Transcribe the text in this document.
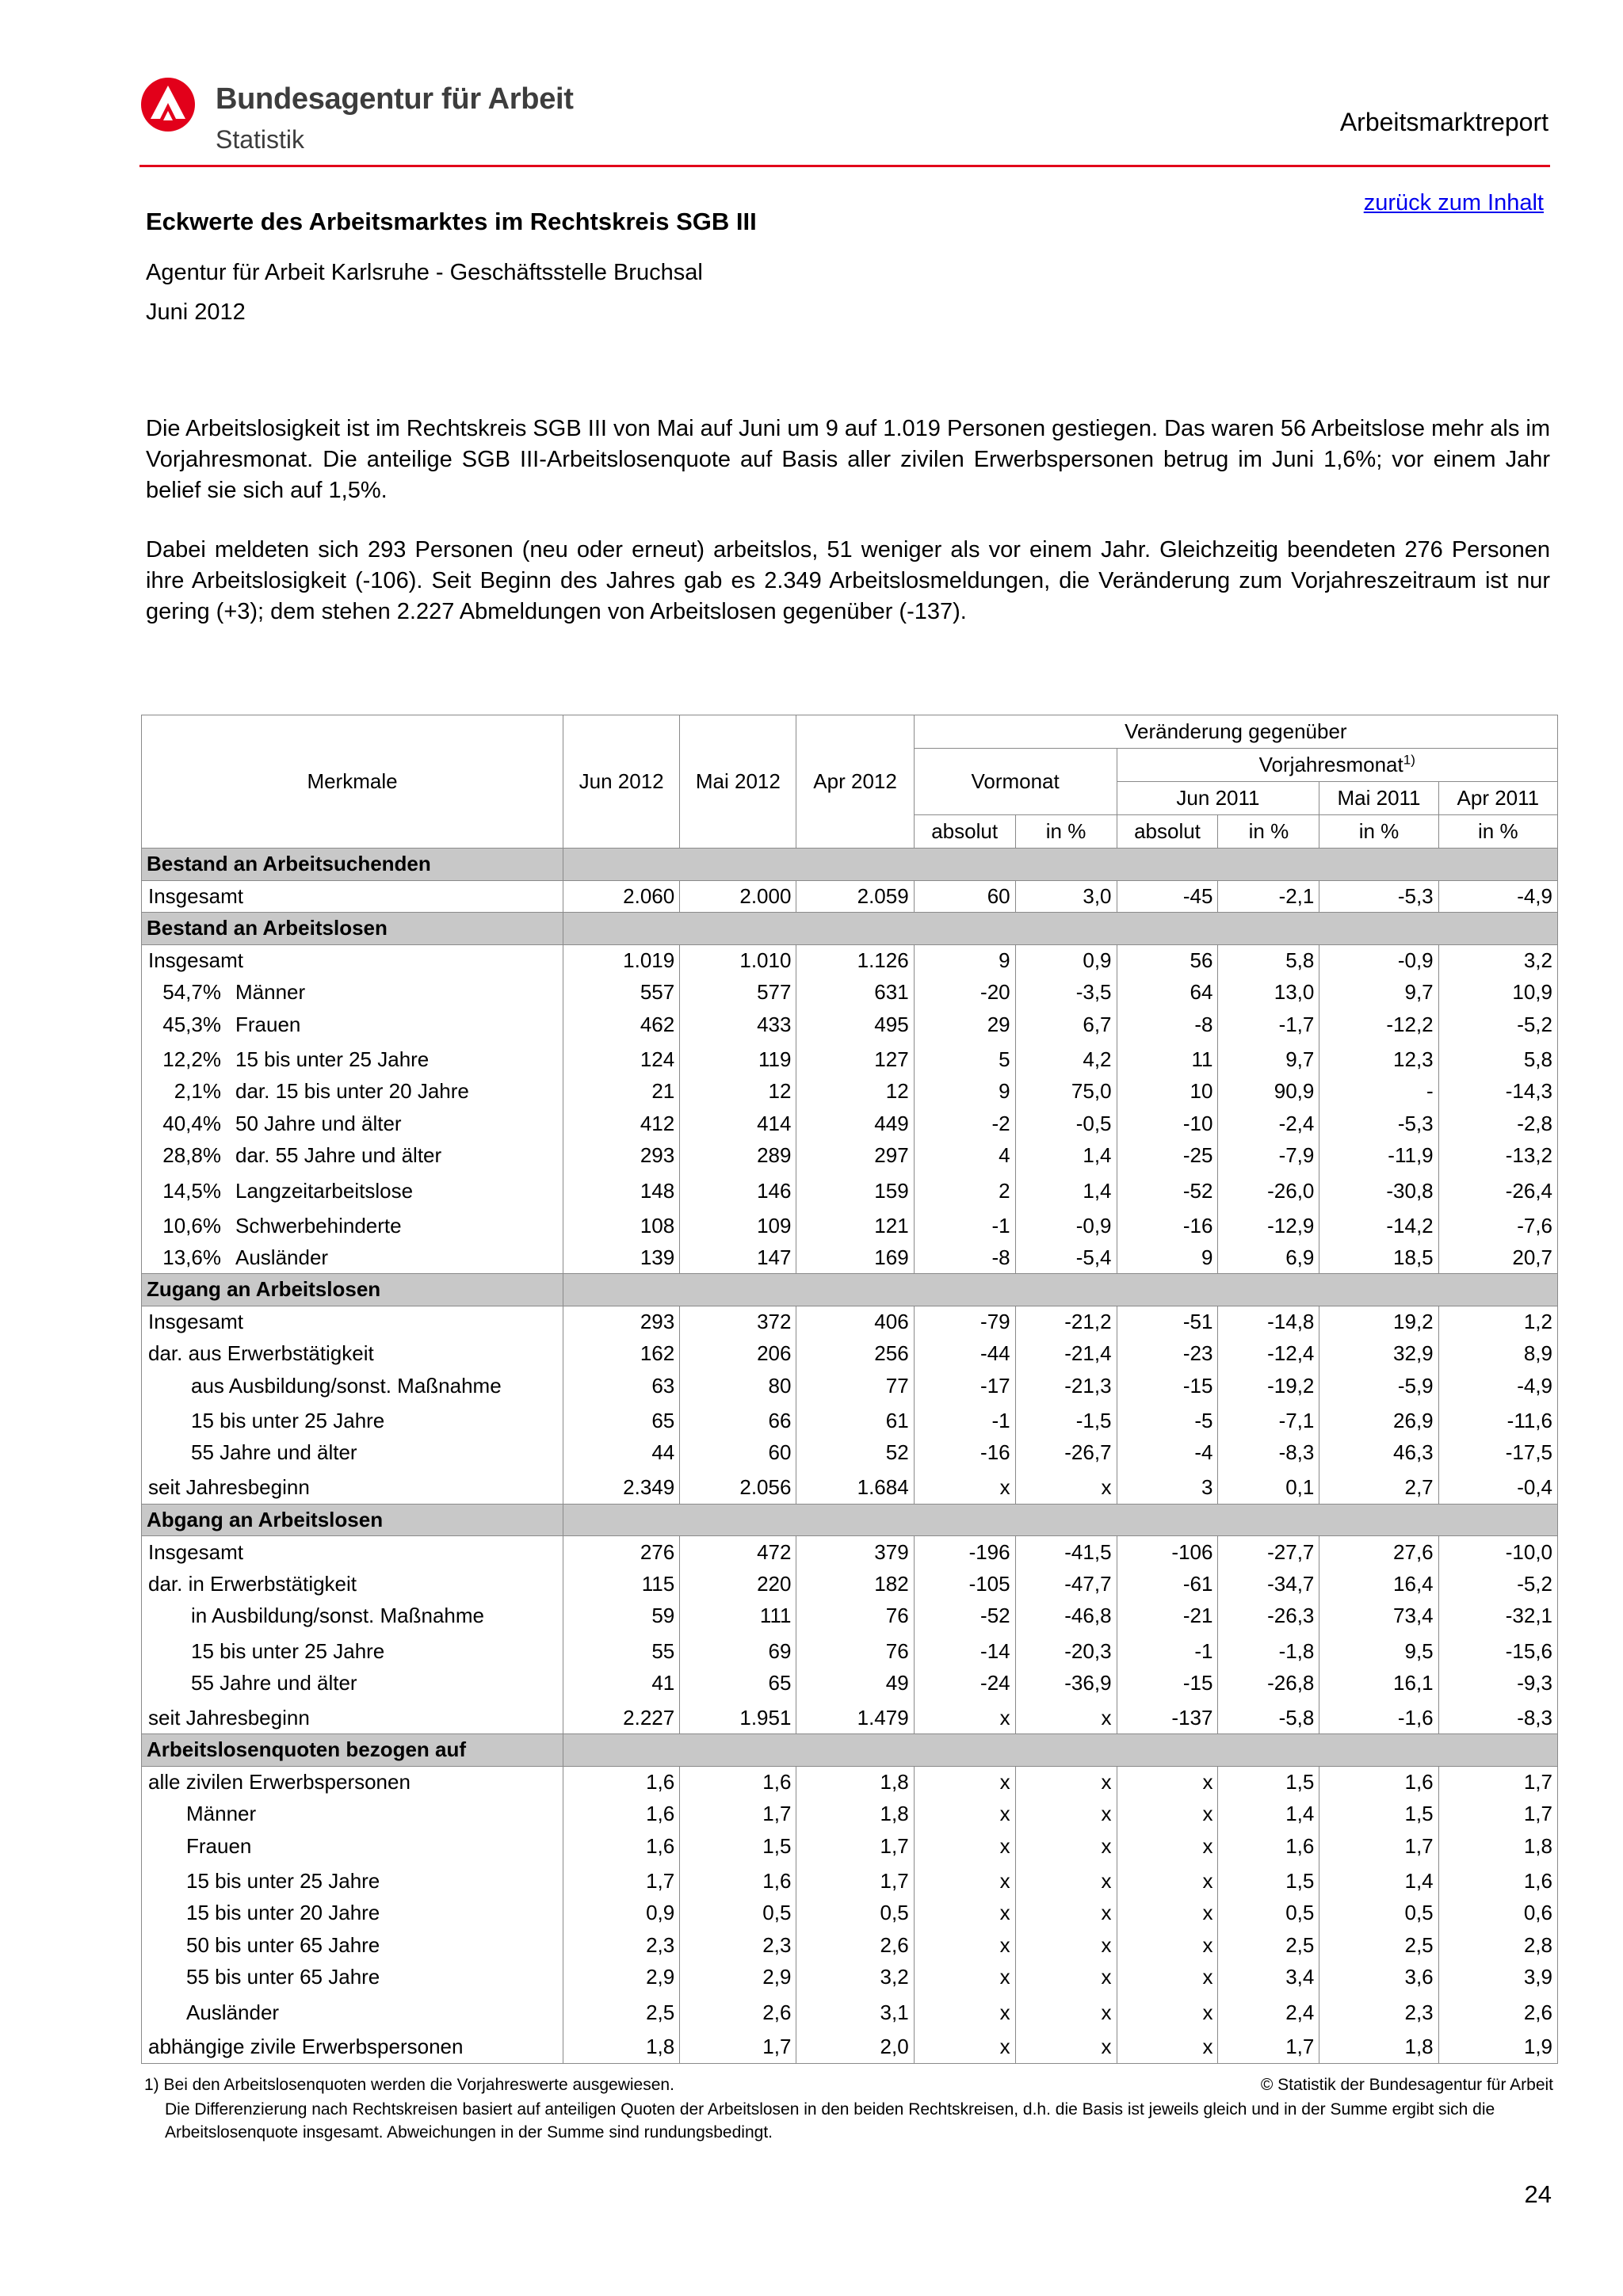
Bundesagentur für Arbeit
Statistik
Arbeitsmarktreport
zurück zum Inhalt
Eckwerte des Arbeitsmarktes im Rechtskreis SGB III
Agentur für Arbeit Karlsruhe - Geschäftsstelle Bruchsal
Juni 2012

Die Arbeitslosigkeit ist im Rechtskreis SGB III von Mai auf Juni um 9 auf 1.019 Personen gestiegen. Das waren 56 Arbeitslose mehr als im Vorjahresmonat. Die anteilige SGB III-Arbeitslosenquote auf Basis aller zivilen Erwerbspersonen betrug im Juni 1,6%; vor einem Jahr belief sie sich auf 1,5%.

Dabei meldeten sich 293 Personen (neu oder erneut) arbeitslos, 51 weniger als vor einem Jahr. Gleichzeitig beendeten 276 Personen ihre Arbeitslosigkeit (-106). Seit Beginn des Jahres gab es 2.349 Arbeitslosmeldungen, die Veränderung zum Vorjahreszeitraum ist nur gering (+3); dem stehen 2.227 Abmeldungen von Arbeitslosen gegenüber (-137).

Merkmale	Jun 2012	Mai 2012	Apr 2012	Veränderung gegenüber					
				Vormonat		Vorjahresmonat$^{1)}$
						Jun 2011		Mai 2011	Apr 2011
				absolut	in %	absolut	in %	in %	in %
Bestand an Arbeitsuchenden									
Insgesamt	2.060	2.000	2.059	60	3,0	-45	-2,1	-5,3	-4,9
Bestand an Arbeitslosen									
Insgesamt	1.019	1.010	1.126	9	0,9	56	5,8	-0,9	3,2
54,7% Männer	557	577	631	-20	-3,5	64	13,0	9,7	10,9
45,3% Frauen	462	433	495	29	6,7	-8	-1,7	-12,2	-5,2
12,2% 15 bis unter 25 Jahre	124	119	127	5	4,2	11	9,7	12,3	5,8
2,1% dar. 15 bis unter 20 Jahre	21	12	12	9	75,0	10	90,9	-	-14,3
40,4% 50 Jahre und älter	412	414	449	-2	-0,5	-10	-2,4	-5,3	-2,8
28,8% dar. 55 Jahre und älter	293	289	297	4	1,4	-25	-7,9	-11,9	-13,2
14,5% Langzeitarbeitslose	148	146	159	2	1,4	-52	-26,0	-30,8	-26,4
10,6% Schwerbehinderte	108	109	121	-1	-0,9	-16	-12,9	-14,2	-7,6
13,6% Ausländer	139	147	169	-8	-5,4	9	6,9	18,5	20,7
Zugang an Arbeitslosen									
Insgesamt	293	372	406	-79	-21,2	-51	-14,8	19,2	1,2
dar. aus Erwerbstätigkeit	162	206	256	-44	-21,4	-23	-12,4	32,9	8,9
aus Ausbildung/sonst. Maßnahme	63	80	77	-17	-21,3	-15	-19,2	-5,9	-4,9
15 bis unter 25 Jahre	65	66	61	-1	-1,5	-5	-7,1	26,9	-11,6
55 Jahre und älter	44	60	52	-16	-26,7	-4	-8,3	46,3	-17,5
seit Jahresbeginn	2.349	2.056	1.684	x	x	3	0,1	2,7	-0,4
Abgang an Arbeitslosen									
Insgesamt	276	472	379	-196	-41,5	-106	-27,7	27,6	-10,0
dar. in Erwerbstätigkeit	115	220	182	-105	-47,7	-61	-34,7	16,4	-5,2
in Ausbildung/sonst. Maßnahme	59	111	76	-52	-46,8	-21	-26,3	73,4	-32,1
15 bis unter 25 Jahre	55	69	76	-14	-20,3	-1	-1,8	9,5	-15,6
55 Jahre und älter	41	65	49	-24	-36,9	-15	-26,8	16,1	-9,3
seit Jahresbeginn	2.227	1.951	1.479	x	x	-137	-5,8	-1,6	-8,3
Arbeitslosenquoten bezogen auf									
alle zivilen Erwerbspersonen	1,6	1,6	1,8	x	x	x	1,5	1,6	1,7
Männer	1,6	1,7	1,8	x	x	x	1,4	1,5	1,7
Frauen	1,6	1,5	1,7	x	x	x	1,6	1,7	1,8
15 bis unter 25 Jahre	1,7	1,6	1,7	x	x	x	1,5	1,4	1,6
15 bis unter 20 Jahre	0,9	0,5	0,5	x	x	x	0,5	0,5	0,6
50 bis unter 65 Jahre	2,3	2,3	2,6	x	x	x	2,5	2,5	2,8
55 bis unter 65 Jahre	2,9	2,9	3,2	x	x	x	3,4	3,6	3,9
Ausländer	2,5	2,6	3,1	x	x	x	2,4	2,3	2,6
abhängige zivile Erwerbspersonen	1,8	1,7	2,0	x	x	x	1,7	1,8	1,9
1) Bei den Arbeitslosenquoten werden die Vorjahreswerte ausgewiesen.	© Statistik der Bundesagentur für Arbeit
Die Differenzierung nach Rechtskreisen basiert auf anteiligen Quoten der Arbeitslosen in den beiden Rechtskreisen, d.h. die Basis ist jeweils gleich und in der Summe ergibt sich die Arbeitslosenquote insgesamt. Abweichungen in der Summe sind rundungsbedingt.
24
